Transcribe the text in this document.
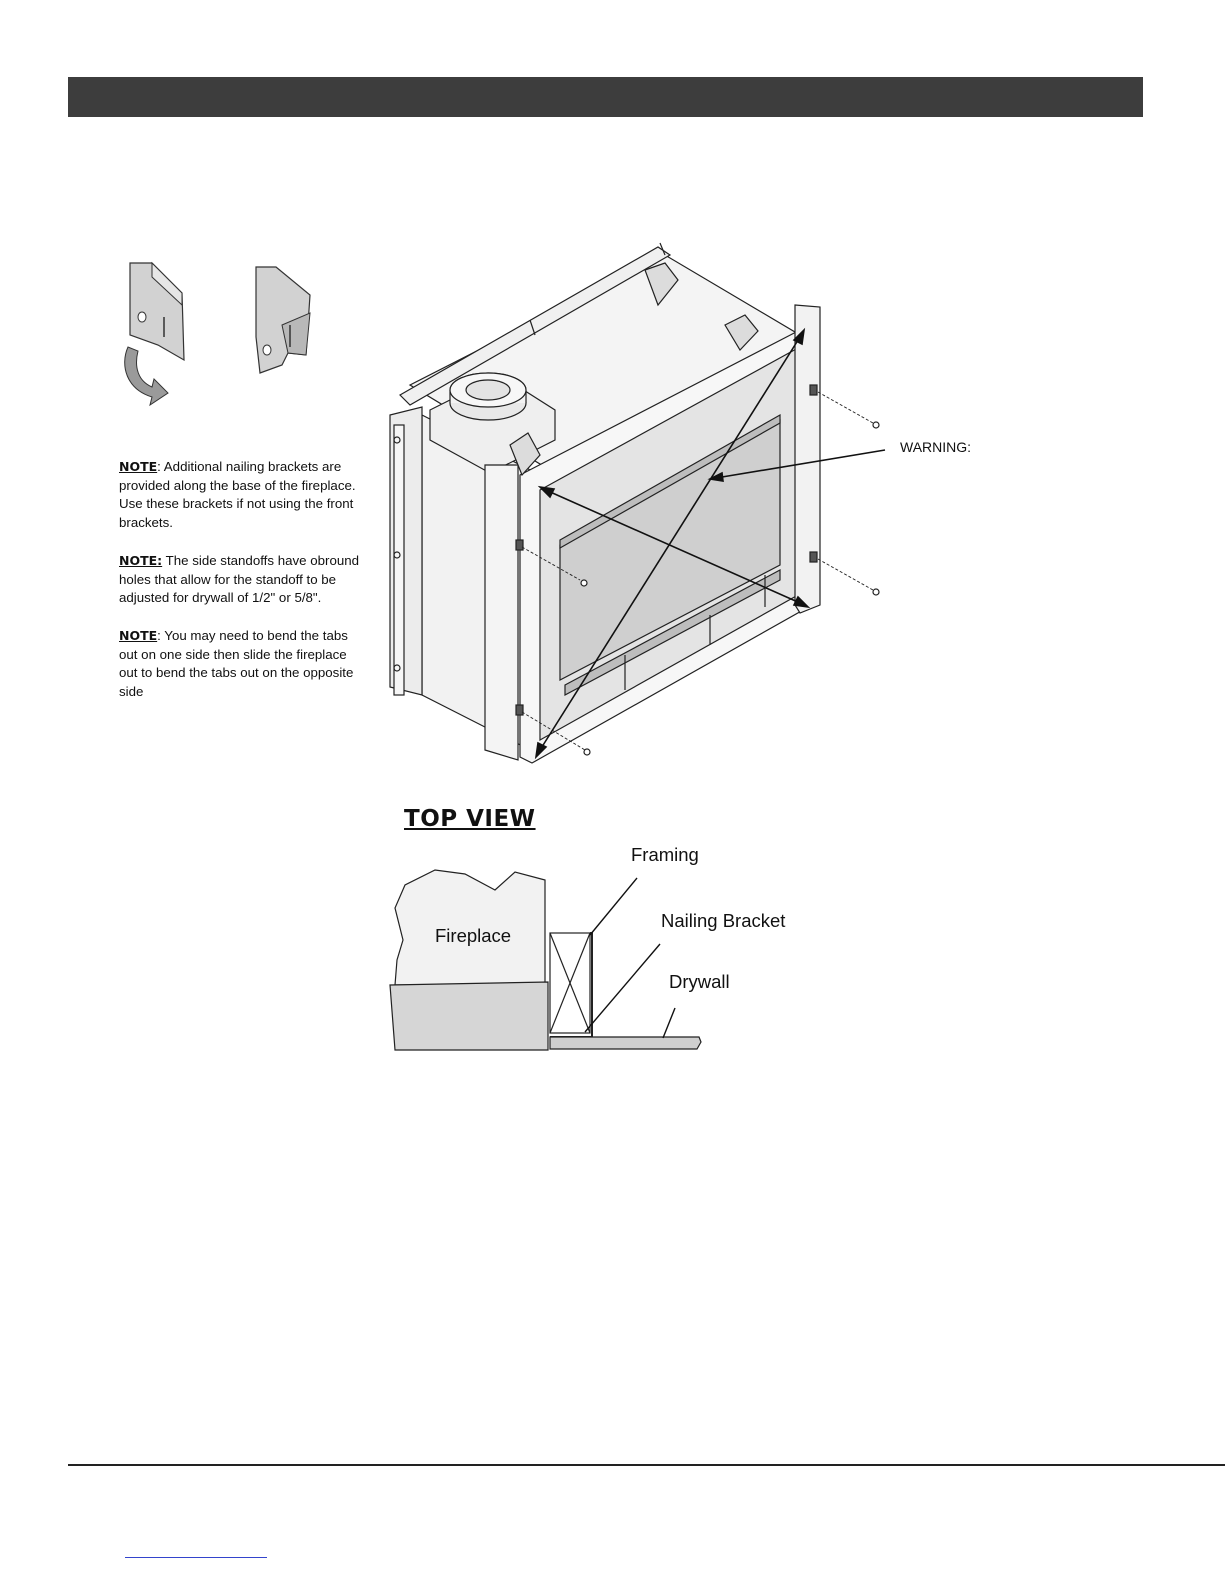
NOTE: Additional nailing brackets are provided along the base of the fireplace. Use these brackets if not using the front brackets.
NOTE: The side standoffs have obround holes that allow for the standoff to be adjusted for drywall of 1/2" or 5/8".
NOTE: You may need to bend the tabs out on one side then slide the fireplace out to bend the tabs out on the opposite side
WARNING:
TOP VIEW
Fireplace
Framing
Nailing Bracket
Drywall
